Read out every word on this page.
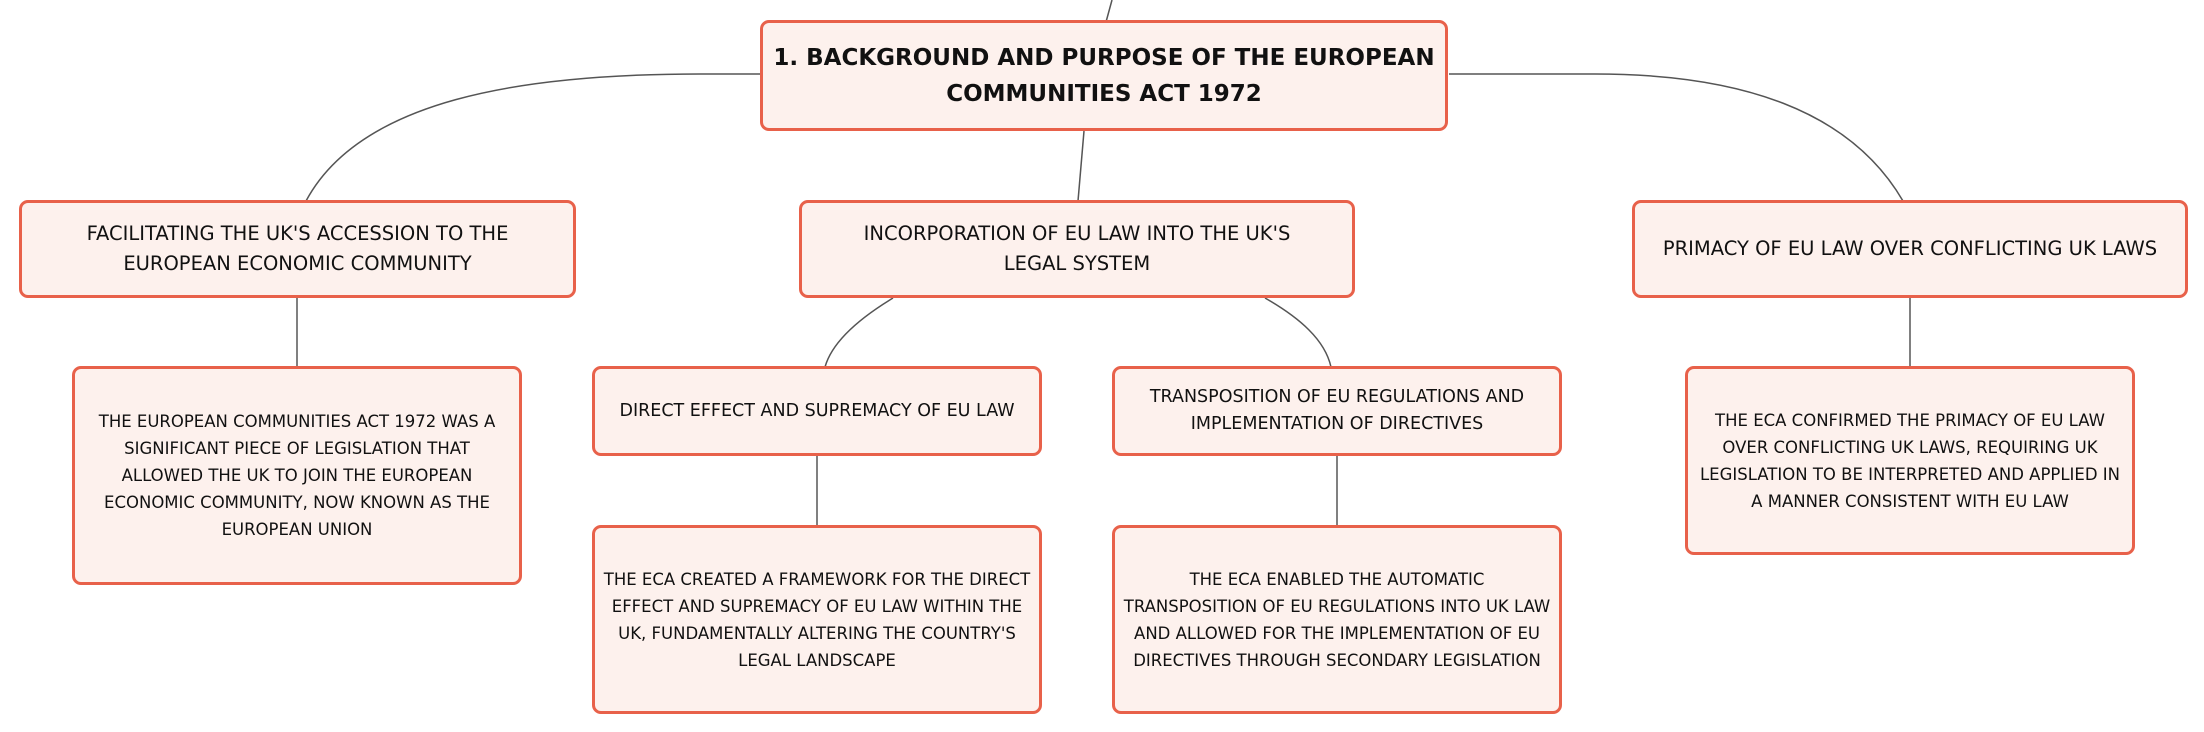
1. BACKGROUND AND PURPOSE OF THE EUROPEAN COMMUNITIES ACT 1972
FACILITATING THE UK'S ACCESSION TO THE EUROPEAN ECONOMIC COMMUNITY
INCORPORATION OF EU LAW INTO THE UK'S LEGAL SYSTEM
PRIMACY OF EU LAW OVER CONFLICTING UK LAWS
THE EUROPEAN COMMUNITIES ACT 1972 WAS A SIGNIFICANT PIECE OF LEGISLATION THAT ALLOWED THE UK TO JOIN THE EUROPEAN ECONOMIC COMMUNITY, NOW KNOWN AS THE EUROPEAN UNION
DIRECT EFFECT AND SUPREMACY OF EU LAW
TRANSPOSITION OF EU REGULATIONS AND IMPLEMENTATION OF DIRECTIVES	THE ECA CONFIRMED THE PRIMACY OF EU LAW OVER CONFLICTING UK LAWS, REQUIRING UK LEGISLATION TO BE INTERPRETED AND APPLIED IN A MANNER CONSISTENT WITH EU LAW
THE ECA CREATED A FRAMEWORK FOR THE DIRECT EFFECT AND SUPREMACY OF EU LAW WITHIN THE UK, FUNDAMENTALLY ALTERING THE COUNTRY'S LEGAL LANDSCAPE
THE ECA ENABLED THE AUTOMATIC TRANSPOSITION OF EU REGULATIONS INTO UK LAW AND ALLOWED FOR THE IMPLEMENTATION OF EU DIRECTIVES THROUGH SECONDARY LEGISLATION
